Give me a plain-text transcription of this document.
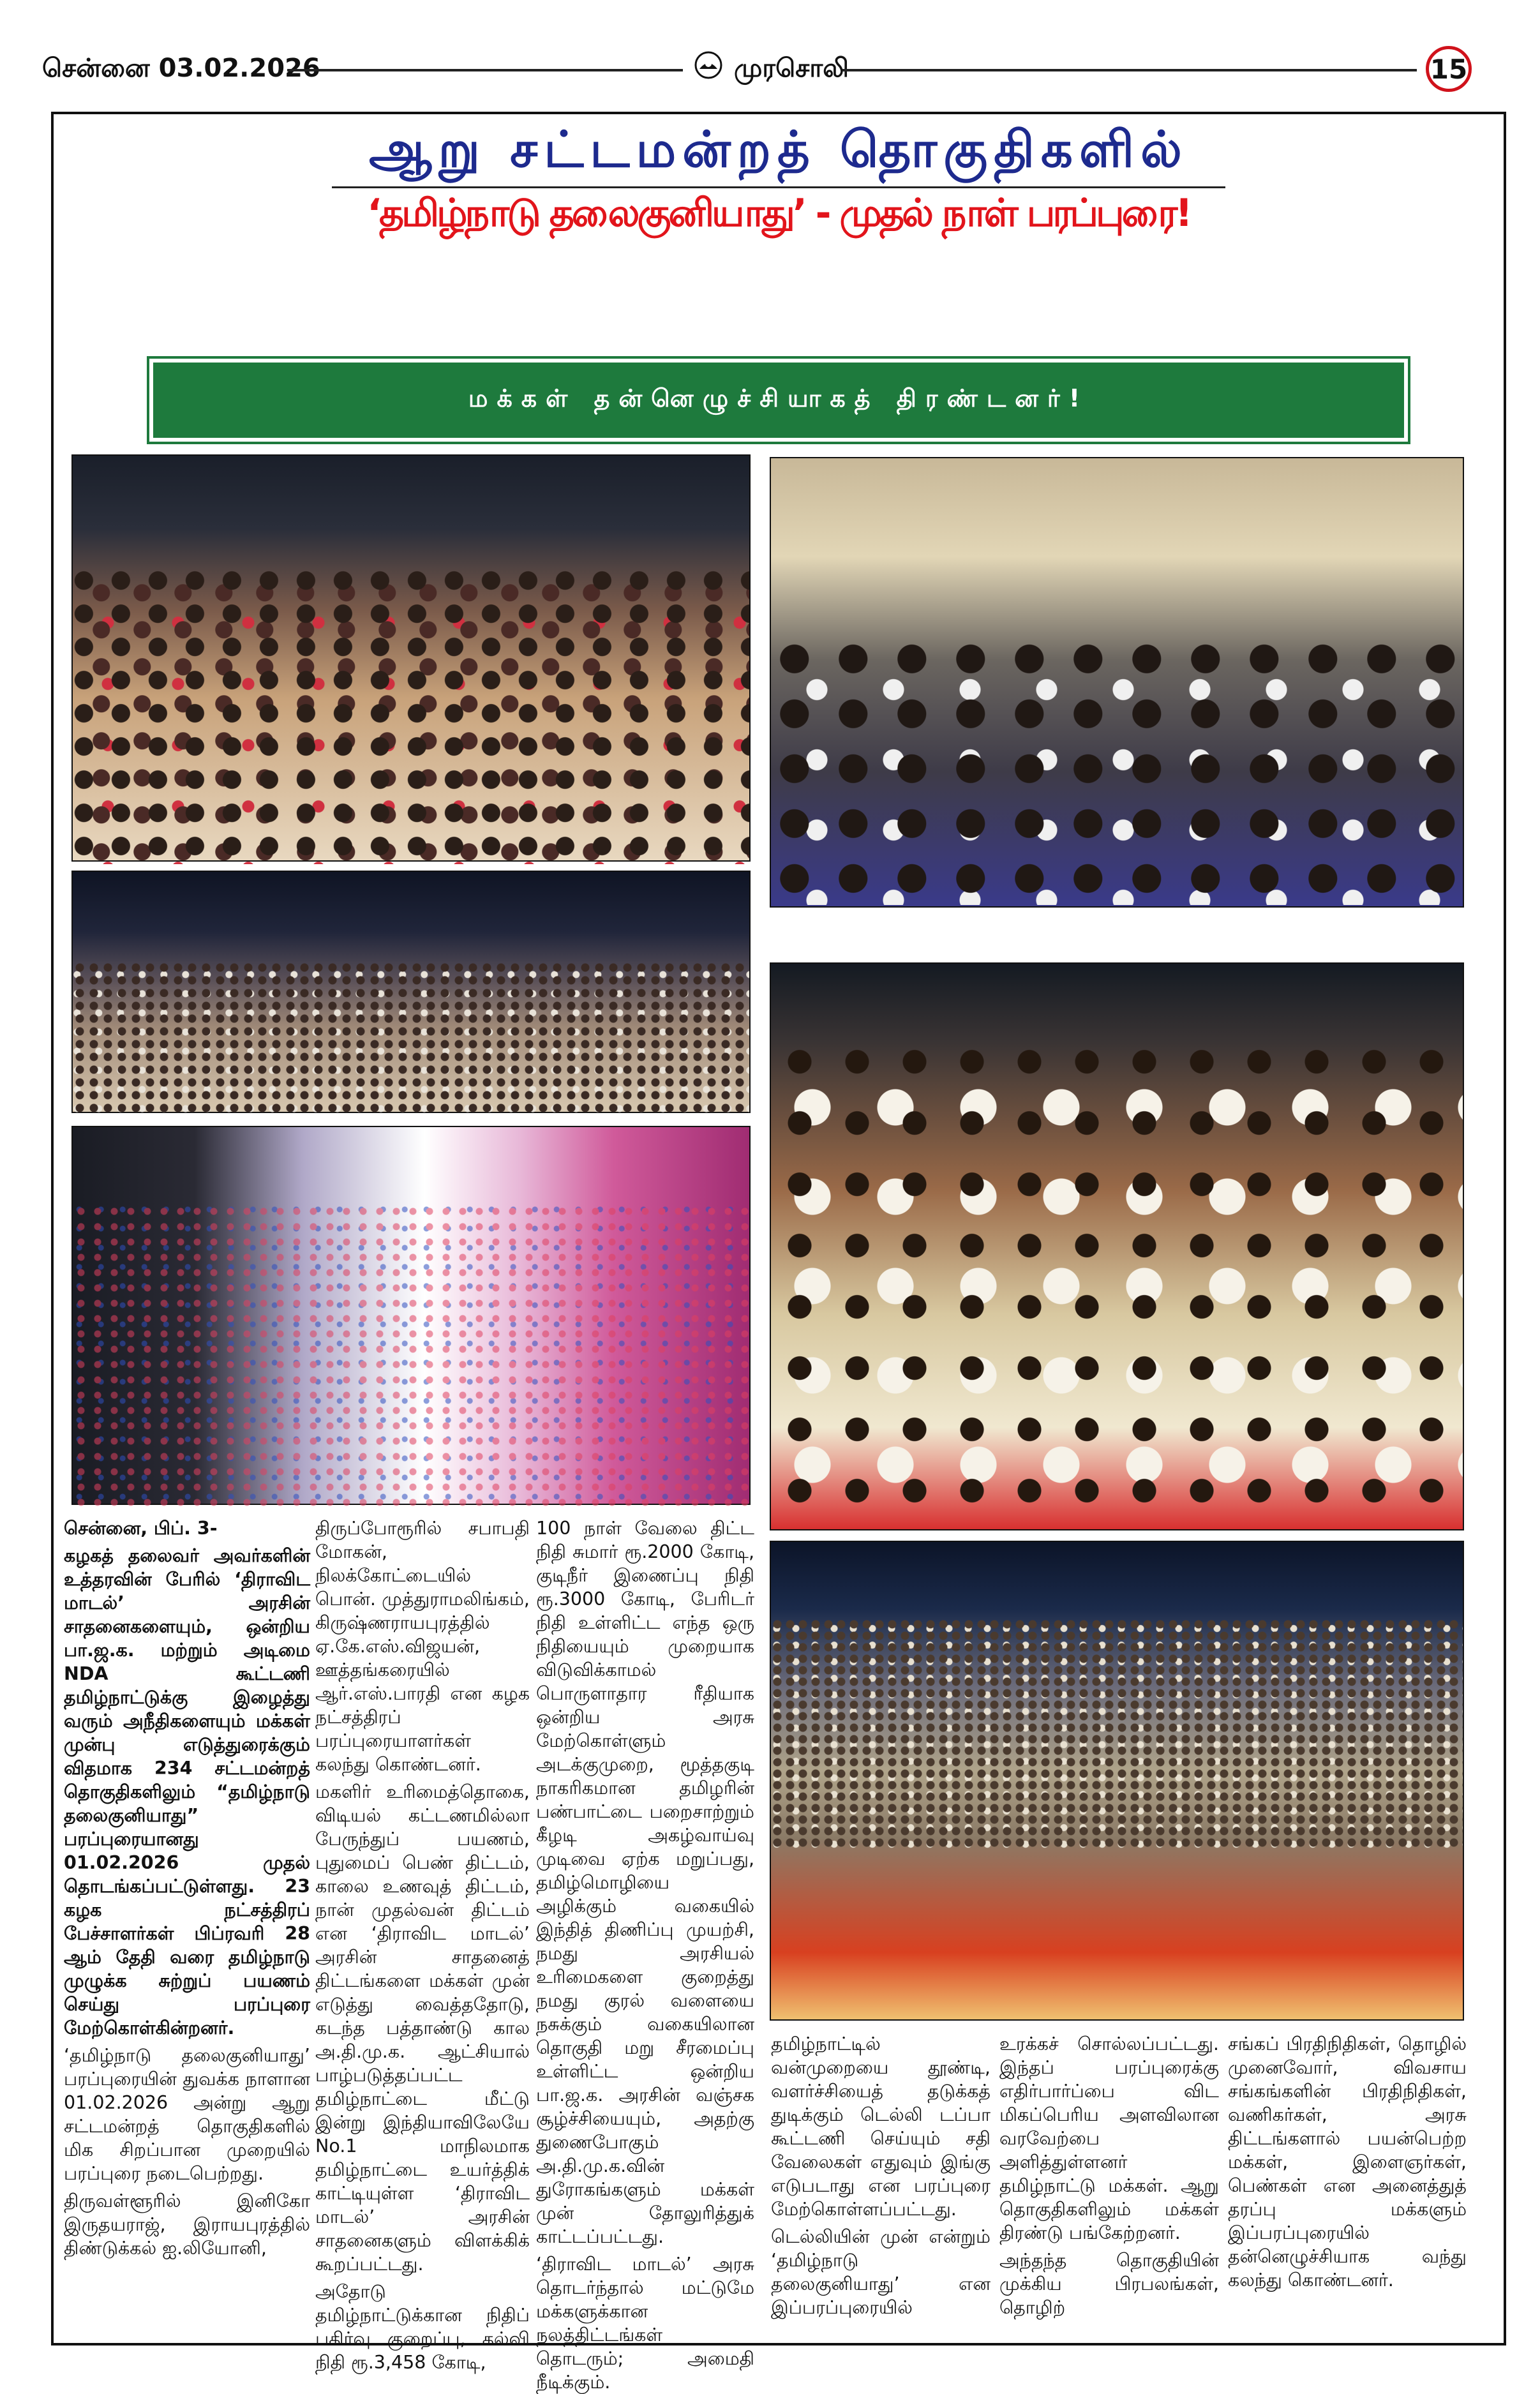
சென்னை 03.02.2026	முரசொலி	15
ஆறு சட்டமன்றத் தொகுதிகளில்
‘தமிழ்நாடு தலைகுனியாது’ - முதல் நாள் பரப்புரை!
மக்கள் தன்னெழுச்சியாகத் திரண்டனர்!

சென்னை, பிப். 3-

கழகத் தலைவர் அவர்களின் உத்தரவின் பேரில் ‘திராவிட மாடல்’ அரசின் சாதனைகளையும், ஒன்றிய பா.ஜ.க. மற்றும் அடிமை NDA கூட்டணி தமிழ்நாட்டுக்கு இழைத்து வரும் அநீதிகளையும் மக்கள் முன்பு எடுத்துரைக்கும் விதமாக 234 சட்டமன்றத் தொகுதிகளிலும் “தமிழ்நாடு தலைகுனியாது” பரப்புரையானது 01.02.2026 முதல் தொடங்கப்பட்டுள்ளது. 23 கழக நட்சத்திரப் பேச்சாளர்கள் பிப்ரவரி 28 ஆம் தேதி வரை தமிழ்நாடு முழுக்க சுற்றுப் பயணம் செய்து பரப்புரை மேற்கொள்கின்றனர்.

‘தமிழ்நாடு தலைகுனியாது’ பரப்புரையின் துவக்க நாளான 01.02.2026 அன்று ஆறு சட்டமன்றத் தொகுதிகளில் மிக சிறப்பான முறையில் பரப்புரை நடைபெற்றது.

திருவள்ளூரில் இனிகோ இருதயராஜ், இராயபுரத்தில் திண்டுக்கல் ஐ.லியோனி,

திருப்போரூரில் சபாபதி மோகன், நிலக்கோட்டையில் பொன். முத்துராமலிங்கம், கிருஷ்ணராயபுரத்தில் ஏ.கே.எஸ்.விஜயன், ஊத்தங்கரையில் ஆர்.எஸ்.பாரதி என கழக நட்சத்திரப் பரப்புரையாளர்கள் கலந்து கொண்டனர்.

மகளிர் உரிமைத்தொகை, விடியல் கட்டணமில்லா பேருந்துப் பயணம், புதுமைப் பெண் திட்டம், காலை உணவுத் திட்டம், நான் முதல்வன் திட்டம் என ‘திராவிட மாடல்’ அரசின் சாதனைத் திட்டங்களை மக்கள் முன் எடுத்து வைத்ததோடு, கடந்த பத்தாண்டு கால அ.தி.மு.க. ஆட்சியால் பாழ்படுத்தப்பட்ட தமிழ்நாட்டை மீட்டு இன்று இந்தியாவிலேயே No.1 மாநிலமாக தமிழ்நாட்டை உயர்த்திக் காட்டியுள்ள ‘திராவிட மாடல்’ அரசின் சாதனைகளும் விளக்கிக் கூறப்பட்டது.

அதோடு தமிழ்நாட்டுக்கான நிதிப் பகிர்வு குறைப்பு, கல்வி நிதி ரூ.3,458 கோடி,

100 நாள் வேலை திட்ட நிதி சுமார் ரூ.2000 கோடி, குடிநீர் இணைப்பு நிதி ரூ.3000 கோடி, பேரிடர் நிதி உள்ளிட்ட எந்த ஒரு நிதியையும் முறையாக விடுவிக்காமல் பொருளாதார ரீதியாக ஒன்றிய அரசு மேற்கொள்ளும் அடக்குமுறை, மூத்தகுடி நாகரிகமான தமிழரின் பண்பாட்டை பறைசாற்றும் கீழடி அகழ்வாய்வு முடிவை ஏற்க மறுப்பது, தமிழ்மொழியை அழிக்கும் வகையில் இந்தித் திணிப்பு முயற்சி, நமது அரசியல் உரிமைகளை குறைத்து நமது குரல் வளையை நசுக்கும் வகையிலான தொகுதி மறு சீரமைப்பு உள்ளிட்ட ஒன்றிய பா.ஜ.க. அரசின் வஞ்சக சூழ்ச்சியையும், அதற்கு துணைபோகும் அ.தி.மு.க.வின் துரோகங்களும் மக்கள் முன் தோலுரித்துக் காட்டப்பட்டது.

‘திராவிட மாடல்’ அரசு தொடர்ந்தால் மட்டுமே மக்களுக்கான நலத்திட்டங்கள் தொடரும்; அமைதி நீடிக்கும்.

தமிழ்நாட்டில் வன்முறையை தூண்டி, வளர்ச்சியைத் தடுக்கத் துடிக்கும் டெல்லி டப்பா கூட்டணி செய்யும் சதி வேலைகள் எதுவும் இங்கு எடுபடாது என பரப்புரை மேற்கொள்ளப்பட்டது.

டெல்லியின் முன் என்றும் ‘தமிழ்நாடு தலைகுனியாது’ என இப்பரப்புரையில்

உரக்கச் சொல்லப்பட்டது. இந்தப் பரப்புரைக்கு எதிர்பார்ப்பை விட மிகப்பெரிய அளவிலான வரவேற்பை அளித்துள்ளனர் தமிழ்நாட்டு மக்கள். ஆறு தொகுதிகளிலும் மக்கள் திரண்டு பங்கேற்றனர்.

அந்தந்த தொகுதியின் முக்கிய பிரபலங்கள், தொழிற்

சங்கப் பிரதிநிதிகள், தொழில் முனைவோர், விவசாய சங்கங்களின் பிரதிநிதிகள், வணிகர்கள், அரசு திட்டங்களால் பயன்பெற்ற மக்கள், இளைஞர்கள், பெண்கள் என அனைத்துத் தரப்பு மக்களும் இப்பரப்புரையில் தன்னெழுச்சியாக வந்து கலந்து கொண்டனர்.
